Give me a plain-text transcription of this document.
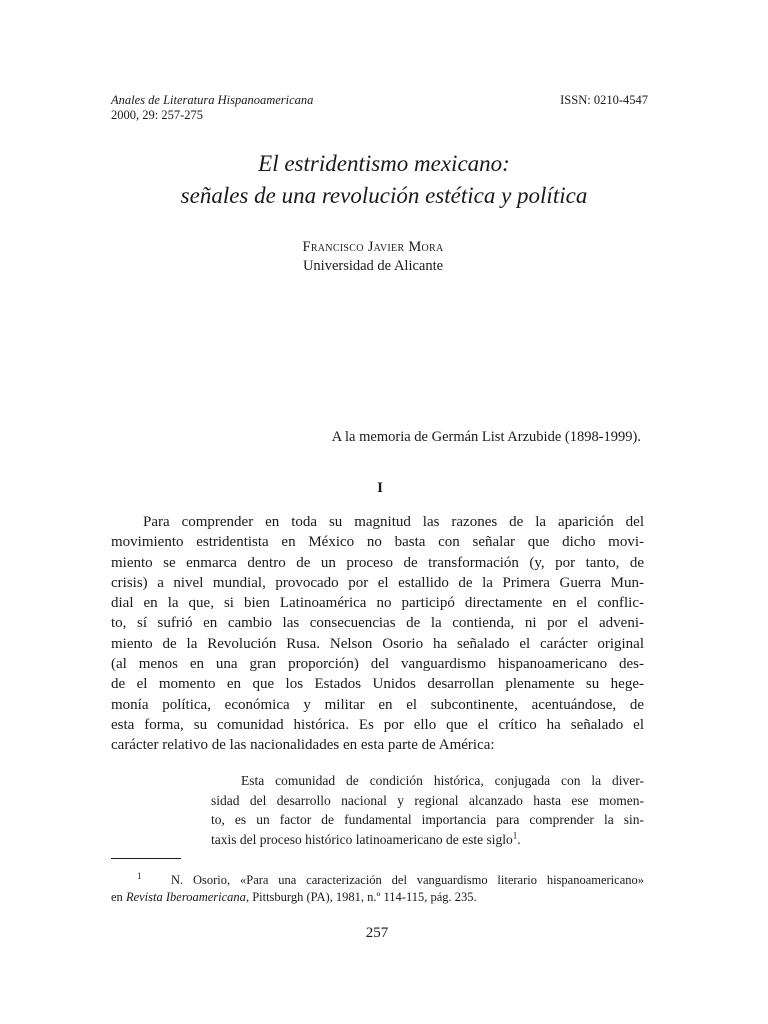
Anales de Literatura Hispanoamericana
2000, 29: 257-275
ISSN: 0210-4547
El estridentismo mexicano:
señales de una revolución estética y política
Francisco Javier Mora
Universidad de Alicante
A la memoria de Germán List Arzubide (1898-1999).
I
Para comprender en toda su magnitud las razones de la aparición del
movimiento estridentista en México no basta con señalar que dicho movi-
miento se enmarca dentro de un proceso de transformación (y, por tanto, de
crisis) a nivel mundial, provocado por el estallido de la Primera Guerra Mun-
dial en la que, si bien Latinoamérica no participó directamente en el conflic-
to, sí sufrió en cambio las consecuencias de la contienda, ni por el adveni-
miento de la Revolución Rusa. Nelson Osorio ha señalado el carácter original
(al menos en una gran proporción) del vanguardismo hispanoamericano des-
de el momento en que los Estados Unidos desarrollan plenamente su hege-
monía política, económica y militar en el subcontinente, acentuándose, de
esta forma, su comunidad histórica. Es por ello que el crítico ha señalado el
carácter relativo de las nacionalidades en esta parte de América:
Esta comunidad de condición histórica, conjugada con la diver-
sidad del desarrollo nacional y regional alcanzado hasta ese momen-
to, es un factor de fundamental importancia para comprender la sin-
taxis del proceso histórico latinoamericano de este siglo$^1$.
$^1$ N. Osorio, «Para una caracterización del vanguardismo literario hispanoamericano»
en Revista Iberoamericana, Pittsburgh (PA), 1981, n.º 114-115, pág. 235.
257
